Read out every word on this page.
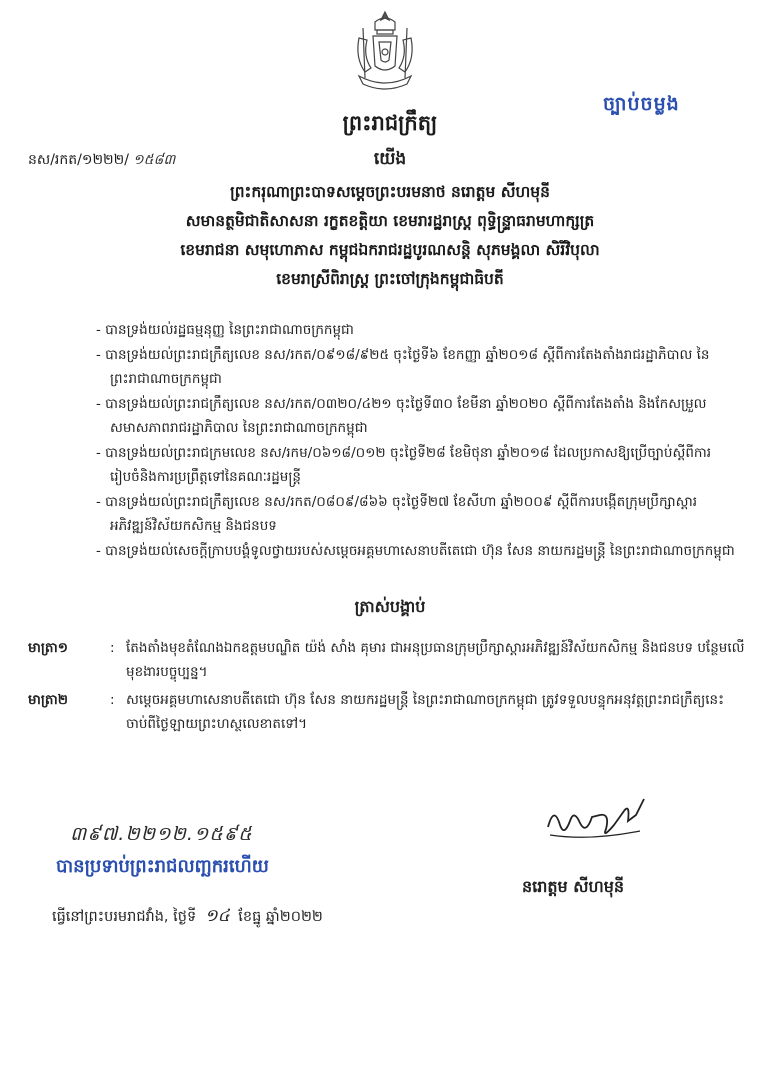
ច្បាប់ចម្លង
ព្រះរាជក្រឹត្យ
នស/រកត/១២២២/ ១៥៨៣	យើង
ព្រះករុណាព្រះបាទសម្តេចព្រះបរមនាថ នរោត្តម សីហមុនី
សមានត្ថមិជាតិសាសនា រក្ខតខត្តិយា ខេមរារដ្ឋរាស្ត្រ ពុទ្ធិន្រ្ទាធរាមហាក្សត្រ
ខេមរាជនា សមុហោភាស កម្ពុជឯករាជរដ្ឋបូរណសន្តិ សុភមង្គលា សិរីវិបុលា
ខេមរាស្រីពិរាស្ត្រ ព្រះចៅក្រុងកម្ពុជាធិបតី
- បានទ្រង់យល់រដ្ឋធម្មនុញ្ញ នៃព្រះរាជាណាចក្រកម្ពុជា
- បានទ្រង់យល់ព្រះរាជក្រឹត្យលេខ នស/រកត/០៩១៨/៩២៥ ចុះថ្ងៃទី៦ ខែកញ្ញា ឆ្នាំ២០១៨ ស្តីពីការតែងតាំងរាជរដ្ឋាភិបាល នៃព្រះរាជាណាចក្រកម្ពុជា
- បានទ្រង់យល់ព្រះរាជក្រឹត្យលេខ នស/រកត/០៣២០/៤២១ ចុះថ្ងៃទី៣០ ខែមីនា ឆ្នាំ២០២០ ស្តីពីការតែងតាំង និងកែសម្រួលសមាសភាពរាជរដ្ឋាភិបាល នៃព្រះរាជាណាចក្រកម្ពុជា
- បានទ្រង់យល់ព្រះរាជក្រមលេខ នស/រកម/០៦១៨/០១២ ចុះថ្ងៃទី២៨ ខែមិថុនា ឆ្នាំ២០១៨ ដែលប្រកាសឱ្យប្រើច្បាប់ស្តីពីការរៀបចំនិងការប្រព្រឹត្តទៅនៃគណៈរដ្ឋមន្ត្រី
- បានទ្រង់យល់ព្រះរាជក្រឹត្យលេខ នស/រកត/០៨០៩/៨៦៦ ចុះថ្ងៃទី២៧ ខែសីហា ឆ្នាំ២០០៩ ស្តីពីការបង្កើតក្រុមប្រឹក្សាស្តារអភិវឌ្ឍន៍វិស័យកសិកម្ម និងជនបទ
- បានទ្រង់យល់សេចក្តីក្រាបបង្គំទូលថ្វាយរបស់សម្តេចអគ្គមហាសេនាបតីតេជោ ហ៊ុន សែន នាយករដ្ឋមន្ត្រី នៃព្រះរាជាណាចក្រកម្ពុជា
ត្រាស់បង្គាប់
មាត្រា១	: តែងតាំងមុខតំណែងឯកឧត្តមបណ្ឌិត យ៉ង់ សាំង គុមារ ជាអនុប្រធានក្រុមប្រឹក្សាស្តារអភិវឌ្ឍន៍វិស័យកសិកម្ម និងជនបទ បន្ថែមលើមុខងារបច្ចុប្បន្ន។
មាត្រា២	: សម្តេចអគ្គមហាសេនាបតីតេជោ ហ៊ុន សែន នាយករដ្ឋមន្ត្រី នៃព្រះរាជាណាចក្រកម្ពុជា ត្រូវទទួលបន្ទុកអនុវត្តព្រះរាជក្រឹត្យនេះ ចាប់ពីថ្ងៃឡាយព្រះហស្ថលេខាតទៅ។
នរោត្តម សីហមុនី
៣៩៧.២២១២.១៥៩៥
បានប្រទាប់ព្រះរាជលញ្ឆករហើយ
ធ្វើនៅព្រះបរមរាជវាំង, ថ្ងៃទី ១៤ ខែធ្នូ ឆ្នាំ២០២២
